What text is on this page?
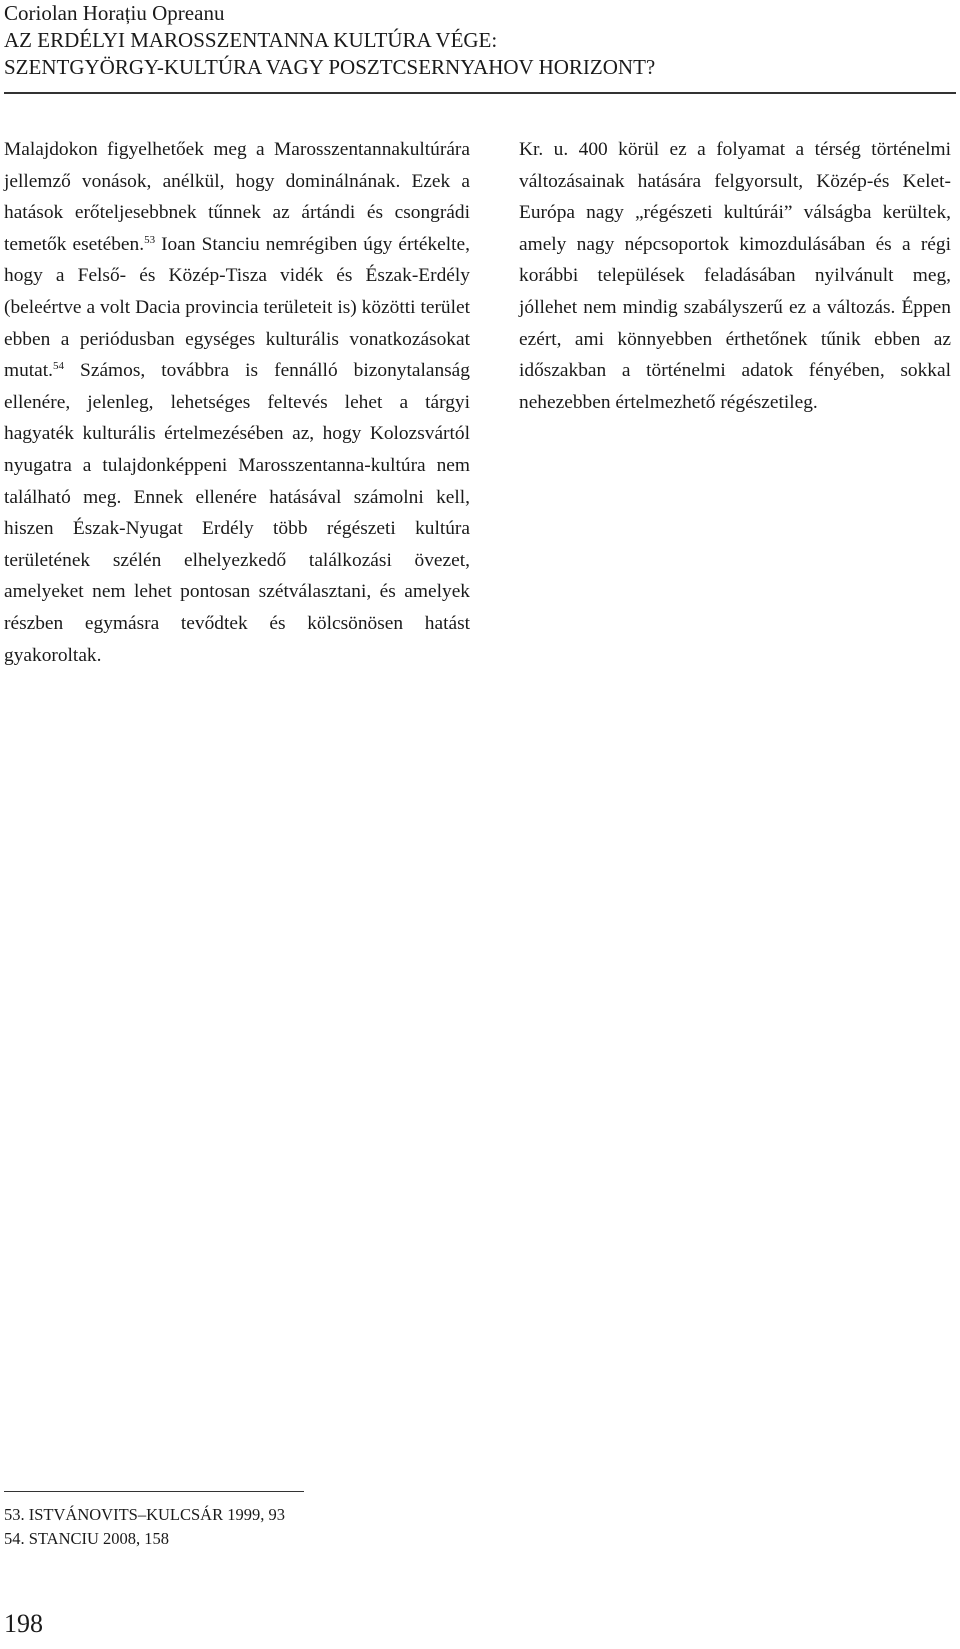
Coriolan Horațiu Opreanu
AZ ERDÉLYI MAROSSZENTANNA KULTÚRA VÉGE:
SZENTGYÖRGY-KULTÚRA VAGY POSZTCSERNYAHOV HORIZONT?

Malajdokon figyelhetőek meg a Marosszentannakultúrára jellemző vonások, anélkül, hogy dominálnának. Ezek a hatások erőteljesebbnek tűnnek az ártándi és csongrádi temetők esetében.$^{53}$ Ioan Stanciu nemrégiben úgy értékelte, hogy a Felső- és Közép-Tisza vidék és Észak-Erdély (beleértve a volt Dacia provincia területeit is) közötti terület ebben a periódusban egységes kulturális vonatkozásokat mutat.$^{54}$ Számos, továbbra is fennálló bizonytalanság ellenére, jelenleg, lehetséges feltevés lehet a tárgyi hagyaték kulturális értelmezésében az, hogy Kolozsvártól nyugatra a tulajdonképpeni Marosszentanna-kultúra nem található meg. Ennek ellenére hatásával számolni kell, hiszen Észak-Nyugat Erdély több régészeti kultúra területének szélén elhelyezkedő találkozási övezet, amelyeket nem lehet pontosan szétválasztani, és amelyek részben egymásra tevődtek és kölcsönösen hatást gyakoroltak.

Kr. u. 400 körül ez a folyamat a térség történelmi változásainak hatására felgyorsult, Közép-és Kelet-Európa nagy „régészeti kultúrái” válságba kerültek, amely nagy népcsoportok kimozdulásában és a régi korábbi települések feladásában nyilvánult meg, jóllehet nem mindig szabályszerű ez a változás. Éppen ezért, ami könnyebben érthetőnek tűnik ebben az időszakban a történelmi adatok fényében, sokkal nehezebben értelmezhető régészetileg.

53. ISTVÁNOVITS–KULCSÁR 1999, 93
54. STANCIU 2008, 158
198
